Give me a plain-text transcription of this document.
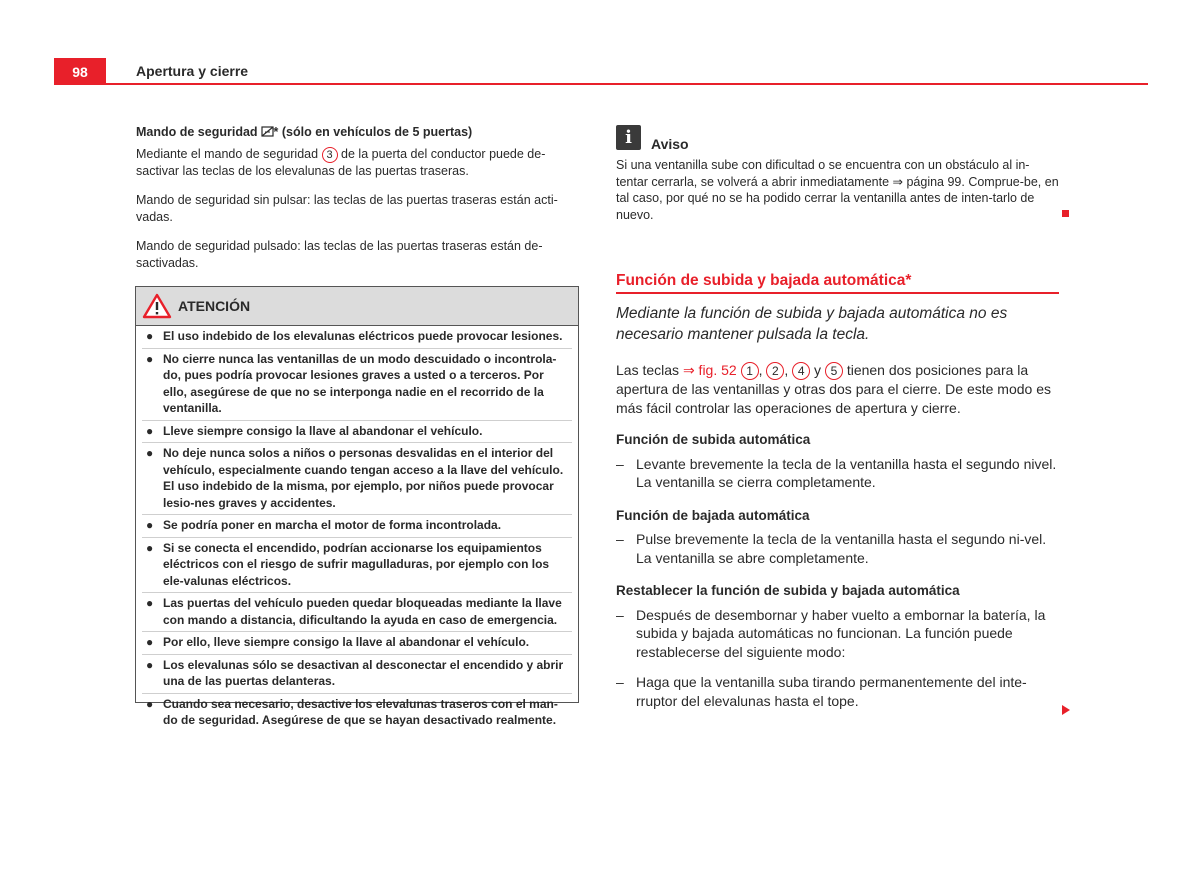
98	Apertura y cierre

Mando de seguridad * (sólo en vehículos de 5 puertas)

Mediante el mando de seguridad 3 de la puerta del conductor puede de-sactivar las teclas de los elevalunas de las puertas traseras.

Mando de seguridad sin pulsar: las teclas de las puertas traseras están acti-vadas.

Mando de seguridad pulsado: las teclas de las puertas traseras están de-sactivadas.

ATENCIÓN
● El uso indebido de los elevalunas eléctricos puede provocar lesiones.
● No cierre nunca las ventanillas de un modo descuidado o incontrola-do, pues podría provocar lesiones graves a usted o a terceros. Por ello, asegúrese de que no se interponga nadie en el recorrido de la ventanilla.
● Lleve siempre consigo la llave al abandonar el vehículo.
● No deje nunca solos a niños o personas desvalidas en el interior del vehículo, especialmente cuando tengan acceso a la llave del vehículo. El uso indebido de la misma, por ejemplo, por niños puede provocar lesio-nes graves y accidentes.
● Se podría poner en marcha el motor de forma incontrolada.
● Si se conecta el encendido, podrían accionarse los equipamientos eléctricos con el riesgo de sufrir magulladuras, por ejemplo con los ele-valunas eléctricos.
● Las puertas del vehículo pueden quedar bloqueadas mediante la llave con mando a distancia, dificultando la ayuda en caso de emergencia.
● Por ello, lleve siempre consigo la llave al abandonar el vehículo.
● Los elevalunas sólo se desactivan al desconectar el encendido y abrir una de las puertas delanteras.
● Cuando sea necesario, desactive los elevalunas traseros con el man-do de seguridad. Asegúrese de que se hayan desactivado realmente.
i	Aviso
Si una ventanilla sube con dificultad o se encuentra con un obstáculo al in-tentar cerrarla, se volverá a abrir inmediatamente ⇒ página 99. Comprue-be, en tal caso, por qué no se ha podido cerrar la ventanilla antes de inten-tarlo de nuevo.
Función de subida y bajada automática*
Mediante la función de subida y bajada automática no es necesario mantener pulsada la tecla.

Las teclas ⇒ fig. 52 1 , 2 , 4 y 5 tienen dos posiciones para la apertura de las ventanillas y otras dos para el cierre. De este modo es más fácil controlar las operaciones de apertura y cierre.

Función de subida automática
– Levante brevemente la tecla de la ventanilla hasta el segundo nivel. La ventanilla se cierra completamente.
Función de bajada automática
– Pulse brevemente la tecla de la ventanilla hasta el segundo ni-vel. La ventanilla se abre completamente.
Restablecer la función de subida y bajada automática
– Después de desembornar y haber vuelto a embornar la batería, la subida y bajada automáticas no funcionan. La función puede restablecerse del siguiente modo:
– Haga que la ventanilla suba tirando permanentemente del inte-rruptor del elevalunas hasta el tope.
